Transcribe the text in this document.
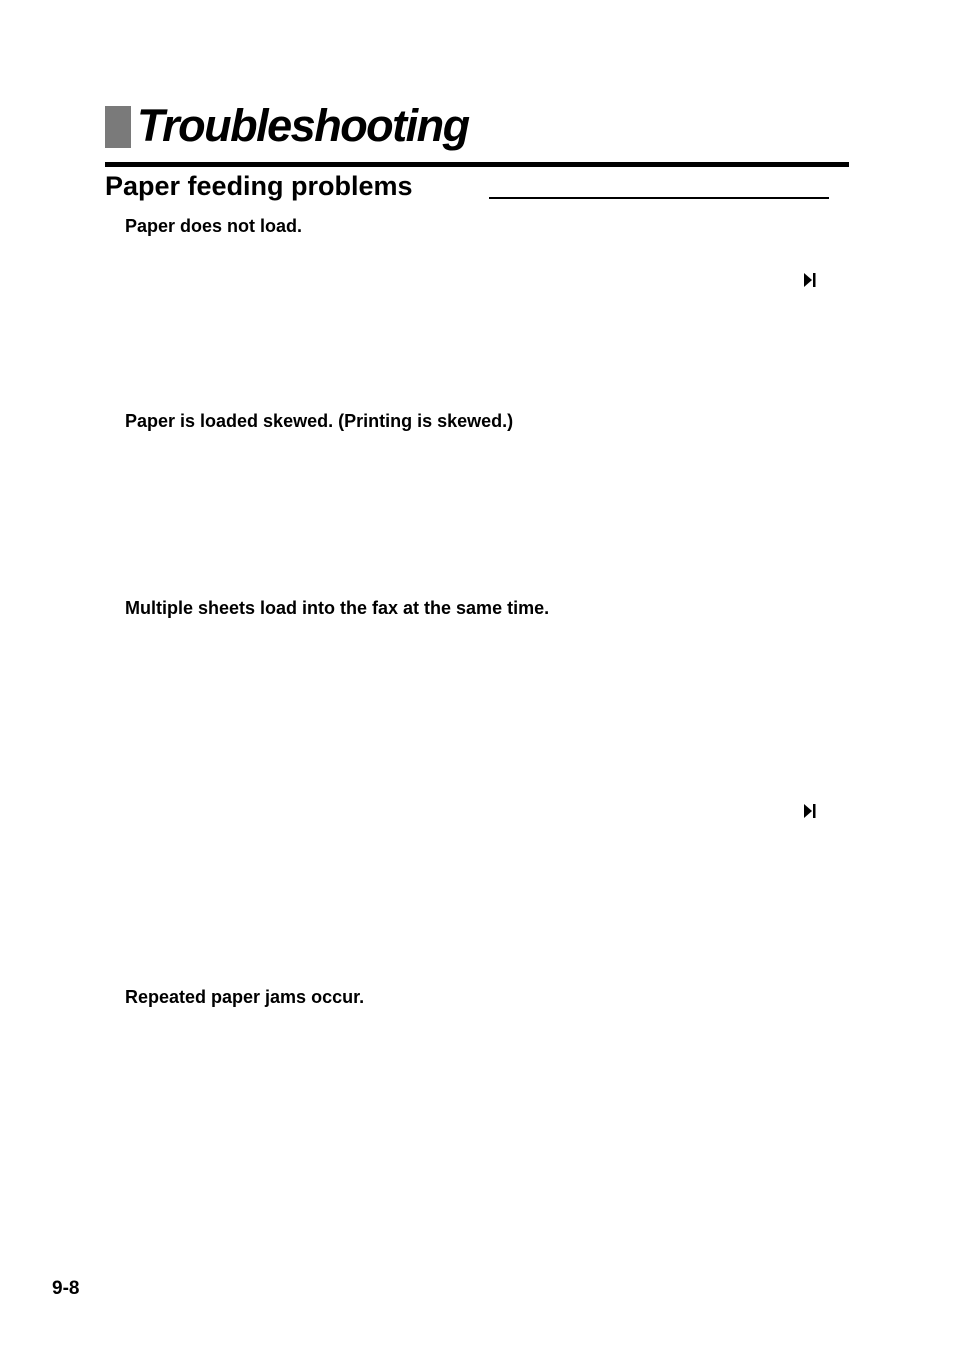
Troubleshooting
Paper feeding problems
Paper does not load.
Paper is loaded skewed. (Printing is skewed.)
Multiple sheets load into the fax at the same time.
Repeated paper jams occur.
9-8
